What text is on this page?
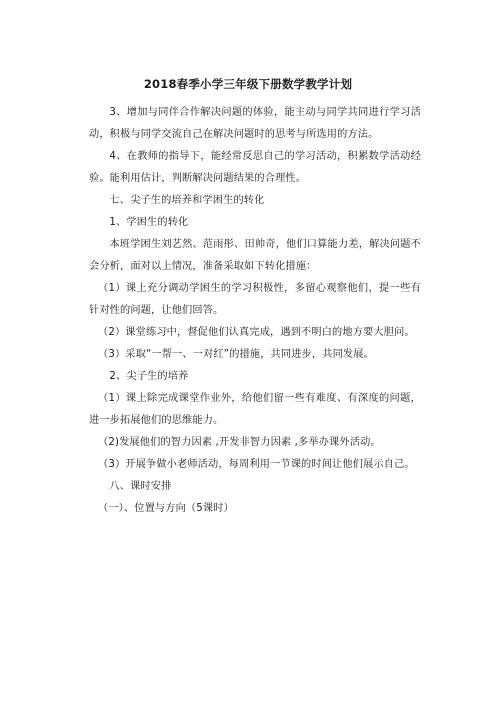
2018春季小学三年级下册数学教学计划

3、增加与同伴合作解决问题的体验，能主动与同学共同进行学习活动，积极与同学交流自己在解决问题时的思考与所选用的方法。

4、在教师的指导下，能经常反思自己的学习活动，积累数学活动经验。能利用估计，判断解决问题结果的合理性。

七、尖子生的培养和学困生的转化

1、学困生的转化

本班学困生刘艺然、范雨彤、田帅奇，他们口算能力差，解决问题不会分析，面对以上情况，准备采取如下转化措施：

（1）课上充分调动学困生的学习积极性，多留心观察他们，提一些有针对性的问题，让他们回答。

（2）课堂练习中，督促他们认真完成，遇到不明白的地方要大胆问。

（3）采取“一帮一、一对红”的措施，共同进步，共同发展。

2、尖子生的培养

（1）课上除完成课堂作业外，给他们留一些有难度、有深度的问题，进一步拓展他们的思维能力。

（2)发展他们的智力因素 ,开发非智力因素 ,多举办课外活动。

（3）开展争做小老师活动，每周利用一节课的时间让他们展示自己。

八、课时安排

（一）、位置与方向（5课时）
